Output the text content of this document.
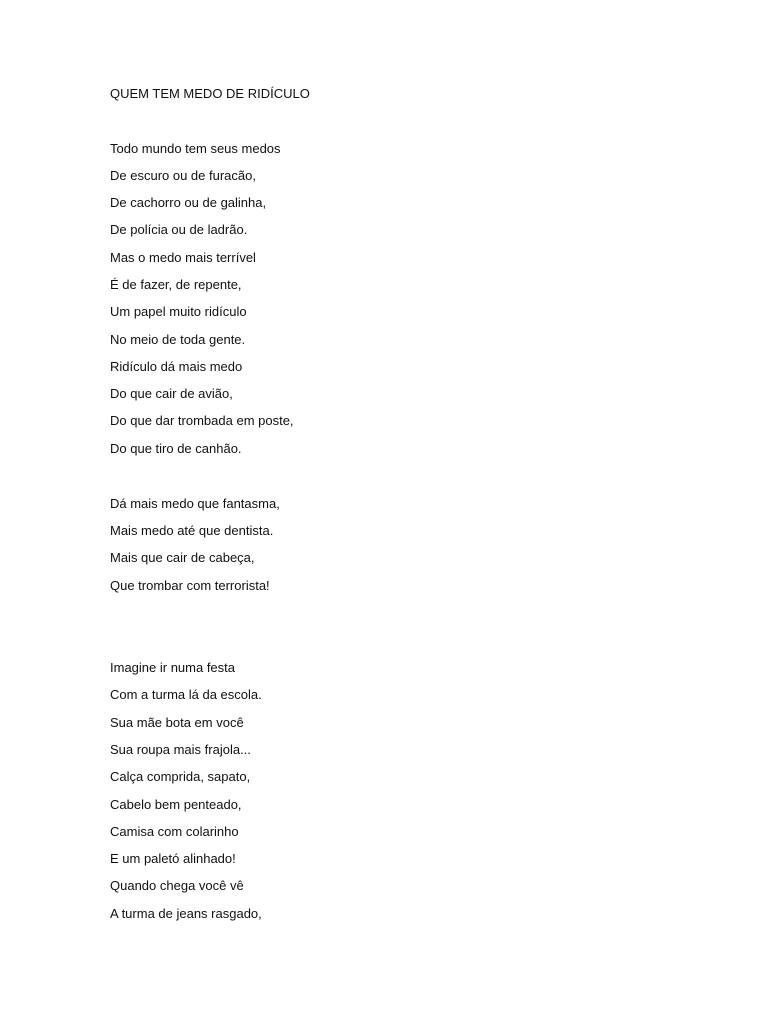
QUEM TEM MEDO DE RIDÍCULO
Todo mundo tem seus medos
De escuro ou de furacão,
De cachorro ou de galinha,
De polícia ou de ladrão.
Mas o medo mais terrível
É de fazer, de repente,
Um papel muito ridículo
No meio de toda gente.
Ridículo dá mais medo
Do que cair de avião,
Do que dar trombada em poste,
Do que tiro de canhão.
Dá mais medo que fantasma,
Mais medo até que dentista.
Mais que cair de cabeça,
Que trombar com terrorista!
Imagine ir numa festa
Com a turma lá da escola.
Sua mãe bota em você
Sua roupa mais frajola...
Calça comprida, sapato,
Cabelo bem penteado,
Camisa com colarinho
E um paletó alinhado!
Quando chega você vê
A turma de jeans rasgado,
